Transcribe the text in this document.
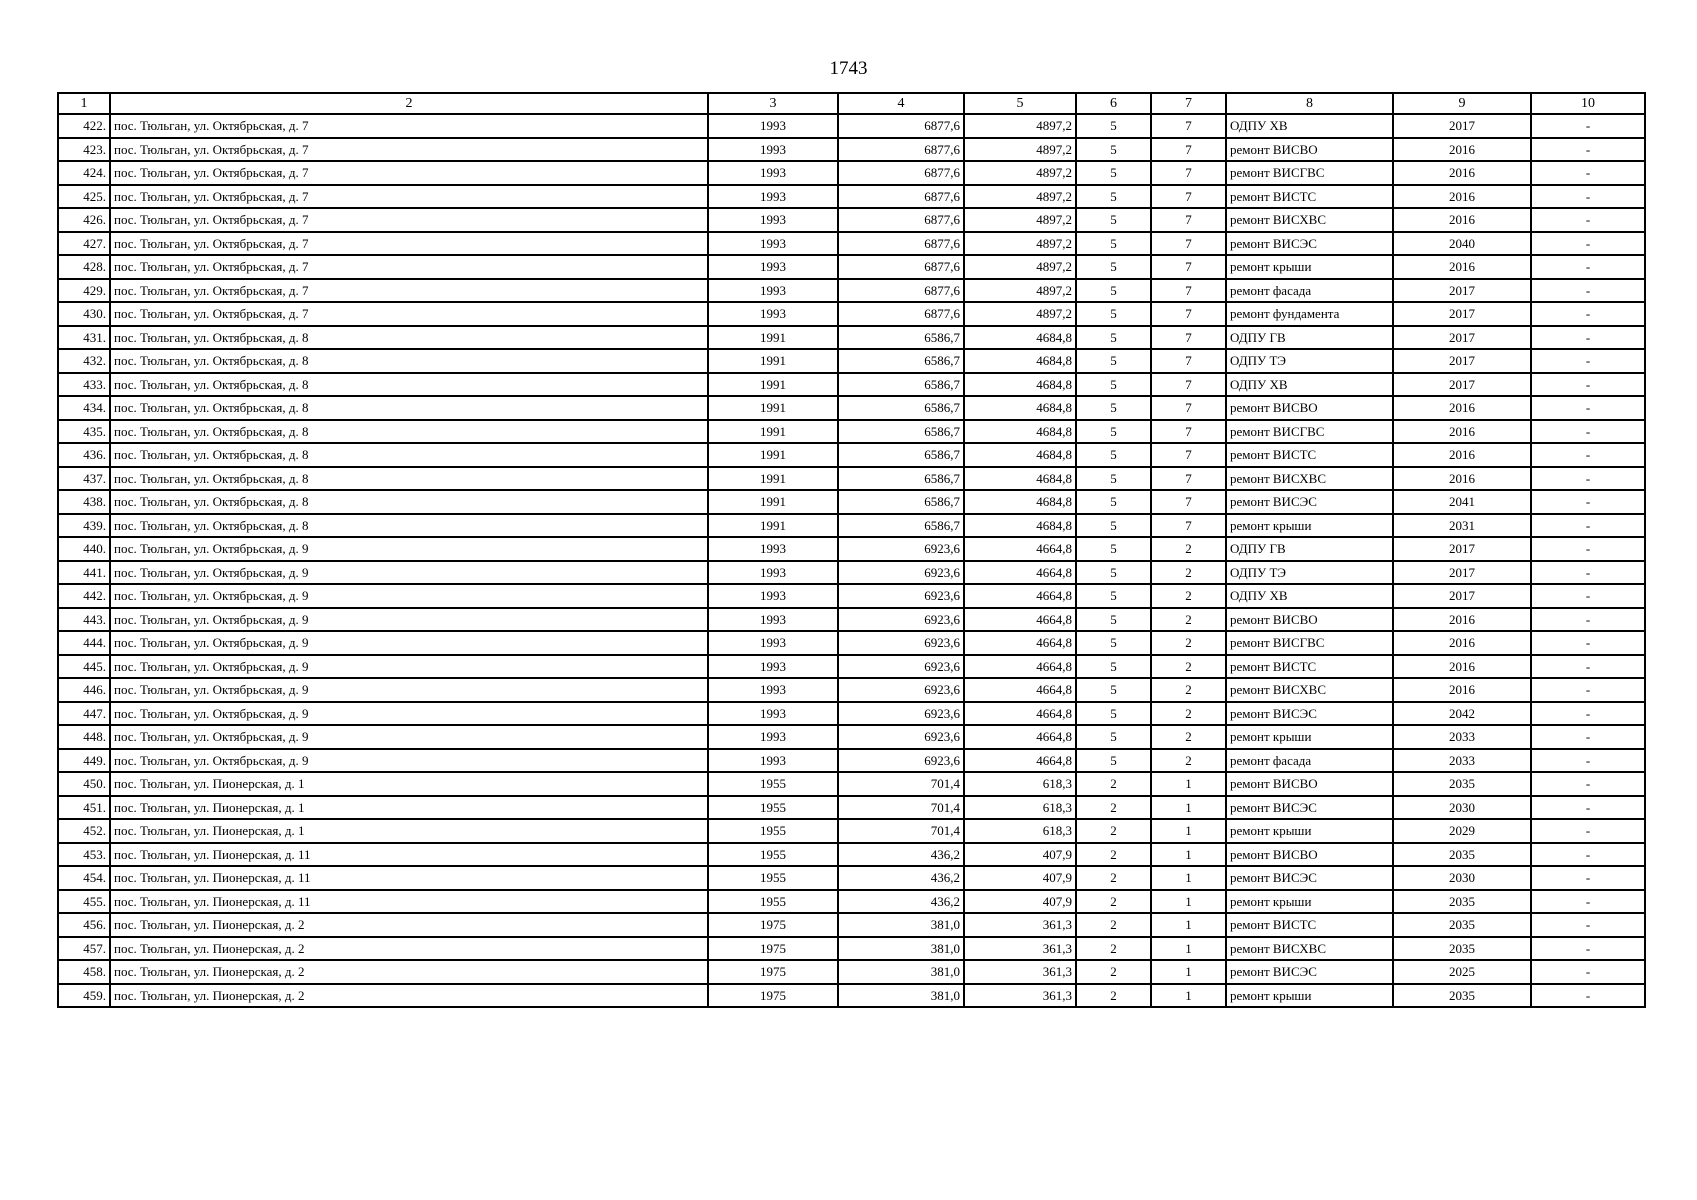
1743
1	2	3	4	5	6	7	8	9	10
422.	пос. Тюльган, ул. Октябрьская, д. 7	1993	6877,6	4897,2	5	7	ОДПУ ХВ	2017	-
423.	пос. Тюльган, ул. Октябрьская, д. 7	1993	6877,6	4897,2	5	7	ремонт ВИСВО	2016	-
424.	пос. Тюльган, ул. Октябрьская, д. 7	1993	6877,6	4897,2	5	7	ремонт ВИСГВС	2016	-
425.	пос. Тюльган, ул. Октябрьская, д. 7	1993	6877,6	4897,2	5	7	ремонт ВИСТС	2016	-
426.	пос. Тюльган, ул. Октябрьская, д. 7	1993	6877,6	4897,2	5	7	ремонт ВИСХВС	2016	-
427.	пос. Тюльган, ул. Октябрьская, д. 7	1993	6877,6	4897,2	5	7	ремонт ВИСЭС	2040	-
428.	пос. Тюльган, ул. Октябрьская, д. 7	1993	6877,6	4897,2	5	7	ремонт крыши	2016	-
429.	пос. Тюльган, ул. Октябрьская, д. 7	1993	6877,6	4897,2	5	7	ремонт фасада	2017	-
430.	пос. Тюльган, ул. Октябрьская, д. 7	1993	6877,6	4897,2	5	7	ремонт фундамента	2017	-
431.	пос. Тюльган, ул. Октябрьская, д. 8	1991	6586,7	4684,8	5	7	ОДПУ ГВ	2017	-
432.	пос. Тюльган, ул. Октябрьская, д. 8	1991	6586,7	4684,8	5	7	ОДПУ ТЭ	2017	-
433.	пос. Тюльган, ул. Октябрьская, д. 8	1991	6586,7	4684,8	5	7	ОДПУ ХВ	2017	-
434.	пос. Тюльган, ул. Октябрьская, д. 8	1991	6586,7	4684,8	5	7	ремонт ВИСВО	2016	-
435.	пос. Тюльган, ул. Октябрьская, д. 8	1991	6586,7	4684,8	5	7	ремонт ВИСГВС	2016	-
436.	пос. Тюльган, ул. Октябрьская, д. 8	1991	6586,7	4684,8	5	7	ремонт ВИСТС	2016	-
437.	пос. Тюльган, ул. Октябрьская, д. 8	1991	6586,7	4684,8	5	7	ремонт ВИСХВС	2016	-
438.	пос. Тюльган, ул. Октябрьская, д. 8	1991	6586,7	4684,8	5	7	ремонт ВИСЭС	2041	-
439.	пос. Тюльган, ул. Октябрьская, д. 8	1991	6586,7	4684,8	5	7	ремонт крыши	2031	-
440.	пос. Тюльган, ул. Октябрьская, д. 9	1993	6923,6	4664,8	5	2	ОДПУ ГВ	2017	-
441.	пос. Тюльган, ул. Октябрьская, д. 9	1993	6923,6	4664,8	5	2	ОДПУ ТЭ	2017	-
442.	пос. Тюльган, ул. Октябрьская, д. 9	1993	6923,6	4664,8	5	2	ОДПУ ХВ	2017	-
443.	пос. Тюльган, ул. Октябрьская, д. 9	1993	6923,6	4664,8	5	2	ремонт ВИСВО	2016	-
444.	пос. Тюльган, ул. Октябрьская, д. 9	1993	6923,6	4664,8	5	2	ремонт ВИСГВС	2016	-
445.	пос. Тюльган, ул. Октябрьская, д. 9	1993	6923,6	4664,8	5	2	ремонт ВИСТС	2016	-
446.	пос. Тюльган, ул. Октябрьская, д. 9	1993	6923,6	4664,8	5	2	ремонт ВИСХВС	2016	-
447.	пос. Тюльган, ул. Октябрьская, д. 9	1993	6923,6	4664,8	5	2	ремонт ВИСЭС	2042	-
448.	пос. Тюльган, ул. Октябрьская, д. 9	1993	6923,6	4664,8	5	2	ремонт крыши	2033	-
449.	пос. Тюльган, ул. Октябрьская, д. 9	1993	6923,6	4664,8	5	2	ремонт фасада	2033	-
450.	пос. Тюльган, ул. Пионерская, д. 1	1955	701,4	618,3	2	1	ремонт ВИСВО	2035	-
451.	пос. Тюльган, ул. Пионерская, д. 1	1955	701,4	618,3	2	1	ремонт ВИСЭС	2030	-
452.	пос. Тюльган, ул. Пионерская, д. 1	1955	701,4	618,3	2	1	ремонт крыши	2029	-
453.	пос. Тюльган, ул. Пионерская, д. 11	1955	436,2	407,9	2	1	ремонт ВИСВО	2035	-
454.	пос. Тюльган, ул. Пионерская, д. 11	1955	436,2	407,9	2	1	ремонт ВИСЭС	2030	-
455.	пос. Тюльган, ул. Пионерская, д. 11	1955	436,2	407,9	2	1	ремонт крыши	2035	-
456.	пос. Тюльган, ул. Пионерская, д. 2	1975	381,0	361,3	2	1	ремонт ВИСТС	2035	-
457.	пос. Тюльган, ул. Пионерская, д. 2	1975	381,0	361,3	2	1	ремонт ВИСХВС	2035	-
458.	пос. Тюльган, ул. Пионерская, д. 2	1975	381,0	361,3	2	1	ремонт ВИСЭС	2025	-
459.	пос. Тюльган, ул. Пионерская, д. 2	1975	381,0	361,3	2	1	ремонт крыши	2035	-
